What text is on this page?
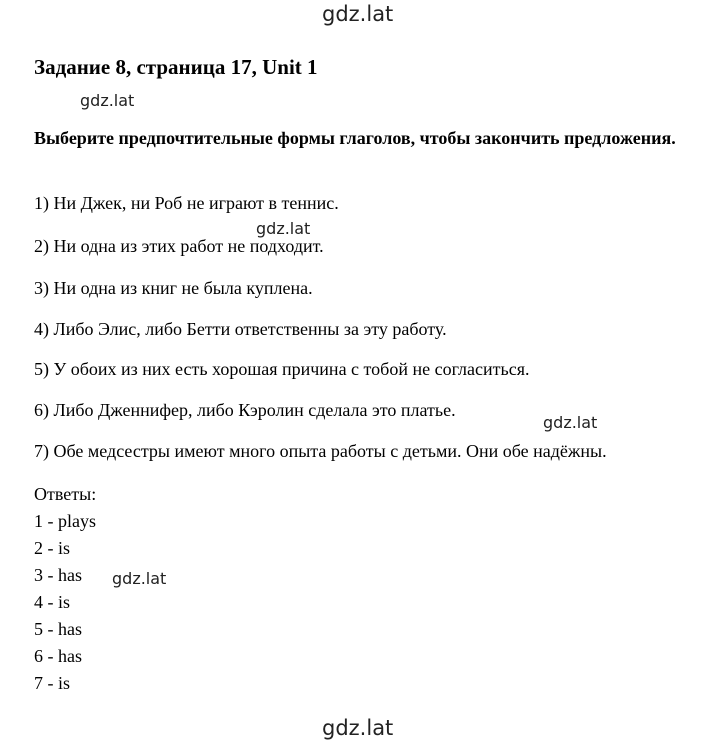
gdz.lat
Задание 8, страница 17, Unit 1
gdz.lat

Выберите предпочтительные формы глаголов, чтобы закончить предложения.

1) Ни Джек, ни Роб не играют в теннис.

gdz.lat

2) Ни одна из этих работ не подходит.

3) Ни одна из книг не была куплена.

4) Либо Элис, либо Бетти ответственны за эту работу.

5) У обоих из них есть хорошая причина с тобой не согласиться.

6) Либо Дженнифер, либо Кэролин сделала это платье.

gdz.lat

7) Обе медсестры имеют много опыта работы с детьми. Они обе надёжны.

Ответы:

1 - plays

2 - is

3 - has gdz.lat

4 - is

5 - has

6 - has

7 - is

gdz.lat
